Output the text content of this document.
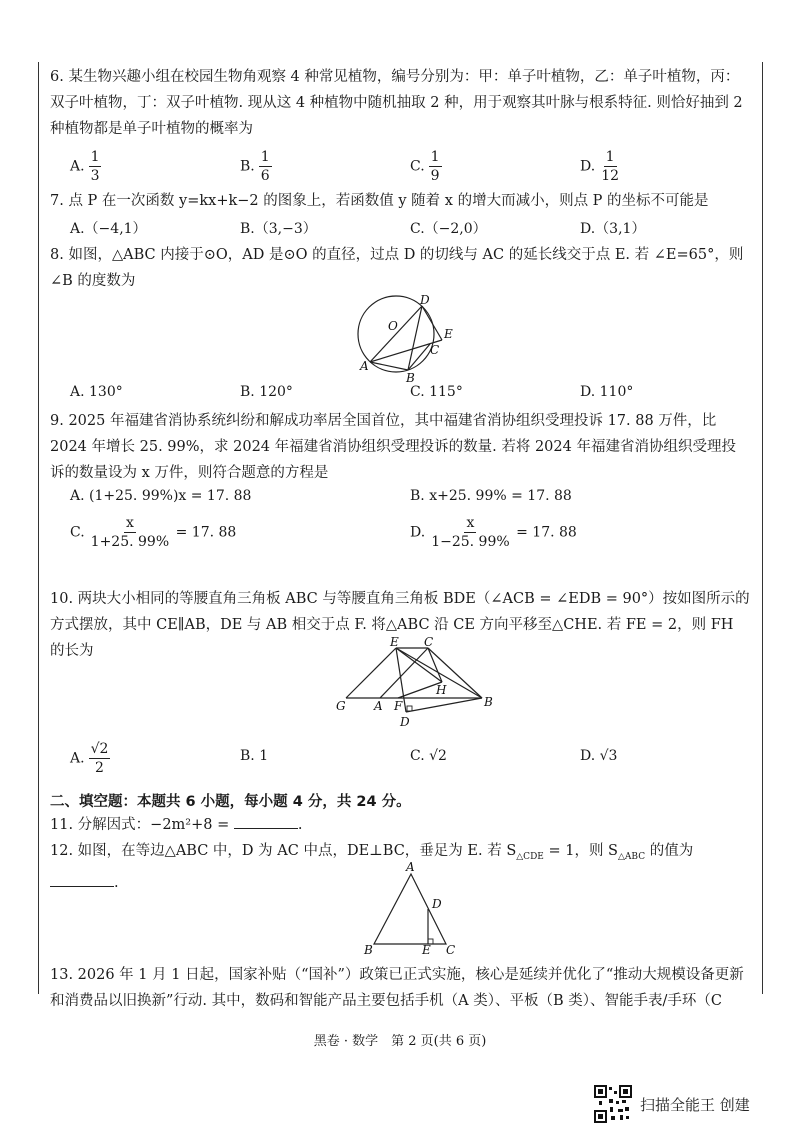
6. 某生物兴趣小组在校园生物角观察 4 种常见植物，编号分别为：甲：单子叶植物，乙：单子叶植物，丙：双子叶植物，丁：双子叶植物. 现从这 4 种植物中随机抽取 2 种，用于观察其叶脉与根系特征. 则恰好抽到 2 种植物都是单子叶植物的概率为
A. $\frac{1}{3}$	B. $\frac{1}{6}$	C. $\frac{1}{9}$	D. $\frac{1}{12}$
7. 点 P 在一次函数 y=kx+k−2 的图象上，若函数值 y 随着 x 的增大而减小，则点 P 的坐标不可能是
A.（−4,1）	B.（3,−3）	C.（−2,0）	D.（3,1）
8. 如图，△ABC 内接于⊙O，AD 是⊙O 的直径，过点 D 的切线与 AC 的延长线交于点 E. 若 ∠E=65°，则 ∠B 的度数为
D
O
E
C
A
B
A. 130°	B. 120°	C. 115°	D. 110°
9. 2025 年福建省消协系统纠纷和解成功率居全国首位，其中福建省消协组织受理投诉 17. 88 万件，比 2024 年增长 25. 99%，求 2024 年福建省消协组织受理投诉的数量. 若将 2024 年福建省消协组织受理投诉的数量设为 x 万件，则符合题意的方程是
A. (1+25. 99%)x = 17. 88	B. x+25. 99% = 17. 88
C. $\frac{x}{1+25. 99\%} = 17$. 88	D. $\frac{x}{1-25. 99\%} = 17$. 88
10. 两块大小相同的等腰直角三角板 ABC 与等腰直角三角板 BDE（∠ACB = ∠EDB = 90°）按如图所示的方式摆放，其中 CE∥AB，DE 与 AB 相交于点 F. 将△ABC 沿 CE 方向平移至△CHE. 若 FE = 2，则 FH 的长为
E C
H
G A F	B
D
A. $\frac{√2}{2}$	B. 1	C. √2	D. √3
二、填空题：本题共 6 小题，每小题 4 分，共 24 分。
11. 分解因式：−2m²+8 =	.
12. 如图，在等边△ABC 中，D 为 AC 中点，DE⊥BC，垂足为 E. 若 $S_{\triangle CDE} = 1$，则 $S_{\triangle ABC}$ 的值为.
A
D
B	E C
13. 2026 年 1 月 1 日起，国家补贴（“国补”）政策已正式实施，核心是延续并优化了“推动大规模设备更新和消费品以旧换新”行动. 其中，数码和智能产品主要包括手机（A 类）、平板（B 类）、智能手表/手环（C
黑卷 · 数学　第 2 页(共 6 页)
扫描全能王 创建
